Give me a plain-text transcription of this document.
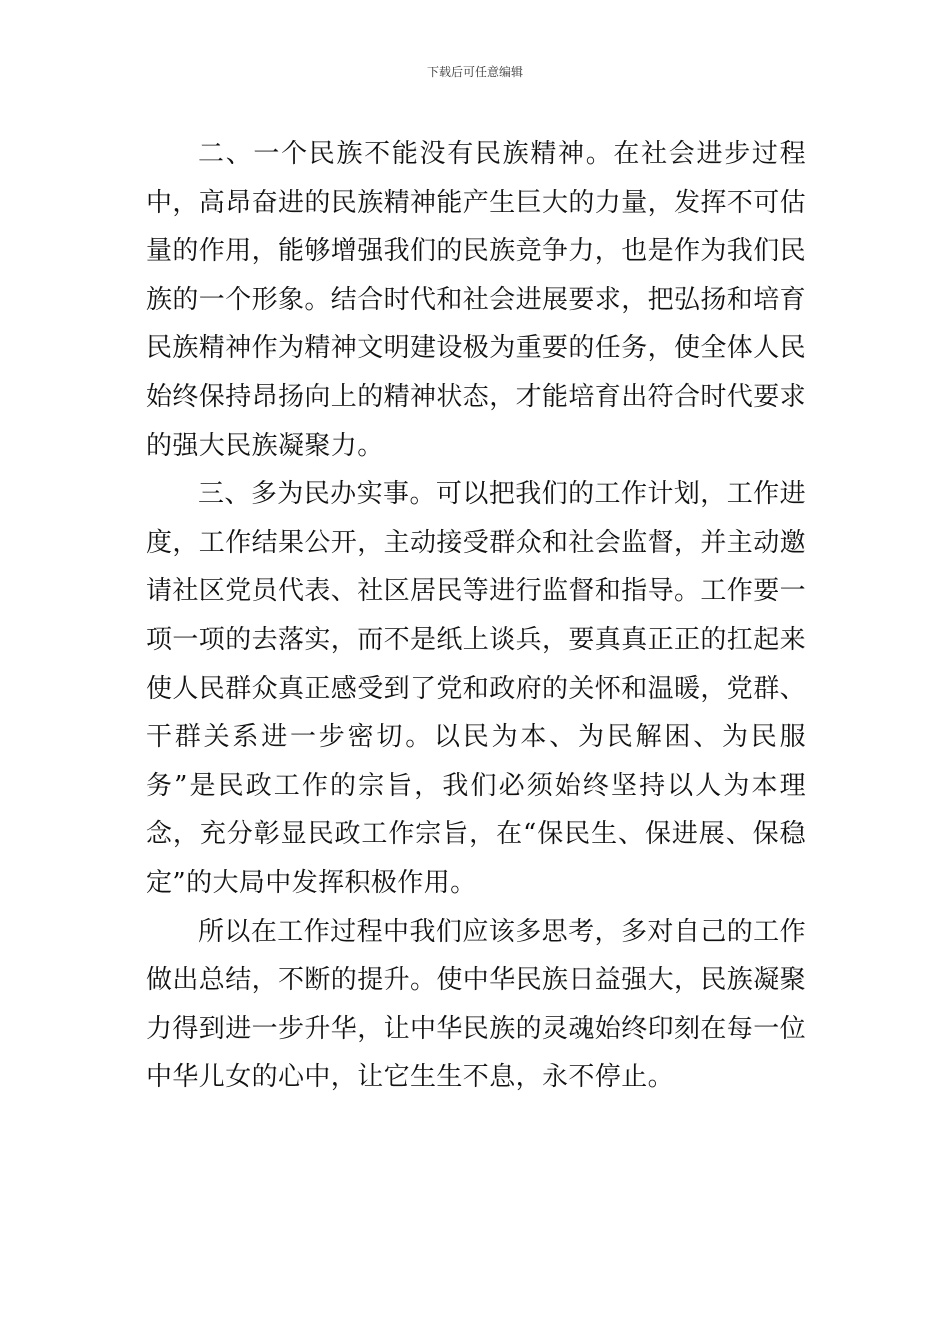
下载后可任意编辑

二、一个民族不能没有民族精神。在社会进步过程中，高昂奋进的民族精神能产生巨大的力量，发挥不可估量的作用，能够增强我们的民族竞争力，也是作为我们民族的一个形象。结合时代和社会进展要求，把弘扬和培育民族精神作为精神文明建设极为重要的任务，使全体人民始终保持昂扬向上的精神状态，才能培育出符合时代要求的强大民族凝聚力。

三、多为民办实事。可以把我们的工作计划，工作进度，工作结果公开，主动接受群众和社会监督，并主动邀请社区党员代表、社区居民等进行监督和指导。工作要一项一项的去落实，而不是纸上谈兵，要真真正正的扛起来使人民群众真正感受到了党和政府的关怀和温暖，党群、干群关系进一步密切。以民为本、为民解困、为民服务”是民政工作的宗旨，我们必须始终坚持以人为本理念，充分彰显民政工作宗旨，在“保民生、保进展、保稳定”的大局中发挥积极作用。

所以在工作过程中我们应该多思考，多对自己的工作做出总结，不断的提升。使中华民族日益强大，民族凝聚力得到进一步升华，让中华民族的灵魂始终印刻在每一位中华儿女的心中，让它生生不息，永不停止。
